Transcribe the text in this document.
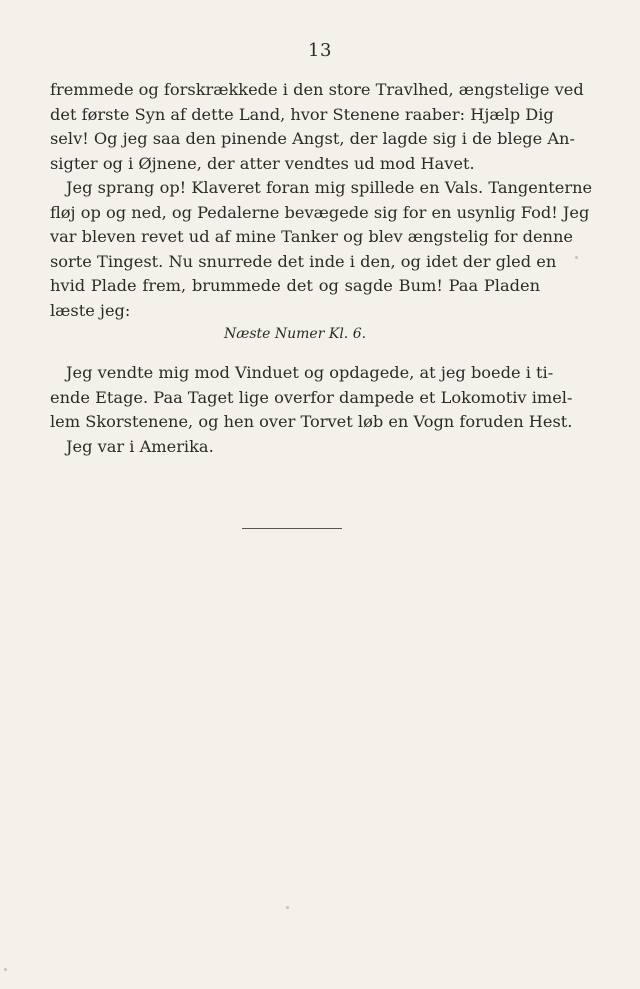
13
fremmede og forskrækkede i den store Travlhed, ængstelige ved
det første Syn af dette Land, hvor Stenene raaber: Hjælp Dig
selv! Og jeg saa den pinende Angst, der lagde sig i de blege An-
sigter og i Øjnene, der atter vendtes ud mod Havet.
Jeg sprang op! Klaveret foran mig spillede en Vals. Tangenterne
fløj op og ned, og Pedalerne bevægede sig for en usynlig Fod! Jeg
var bleven revet ud af mine Tanker og blev ængstelig for denne
sorte Tingest. Nu snurrede det inde i den, og idet der gled en
hvid Plade frem, brummede det og sagde Bum! Paa Pladen
læste jeg:
Næste Numer Kl. 6.
Jeg vendte mig mod Vinduet og opdagede, at jeg boede i ti-
ende Etage. Paa Taget lige overfor dampede et Lokomotiv imel-
lem Skorstenene, og hen over Torvet løb en Vogn foruden Hest.
Jeg var i Amerika.
